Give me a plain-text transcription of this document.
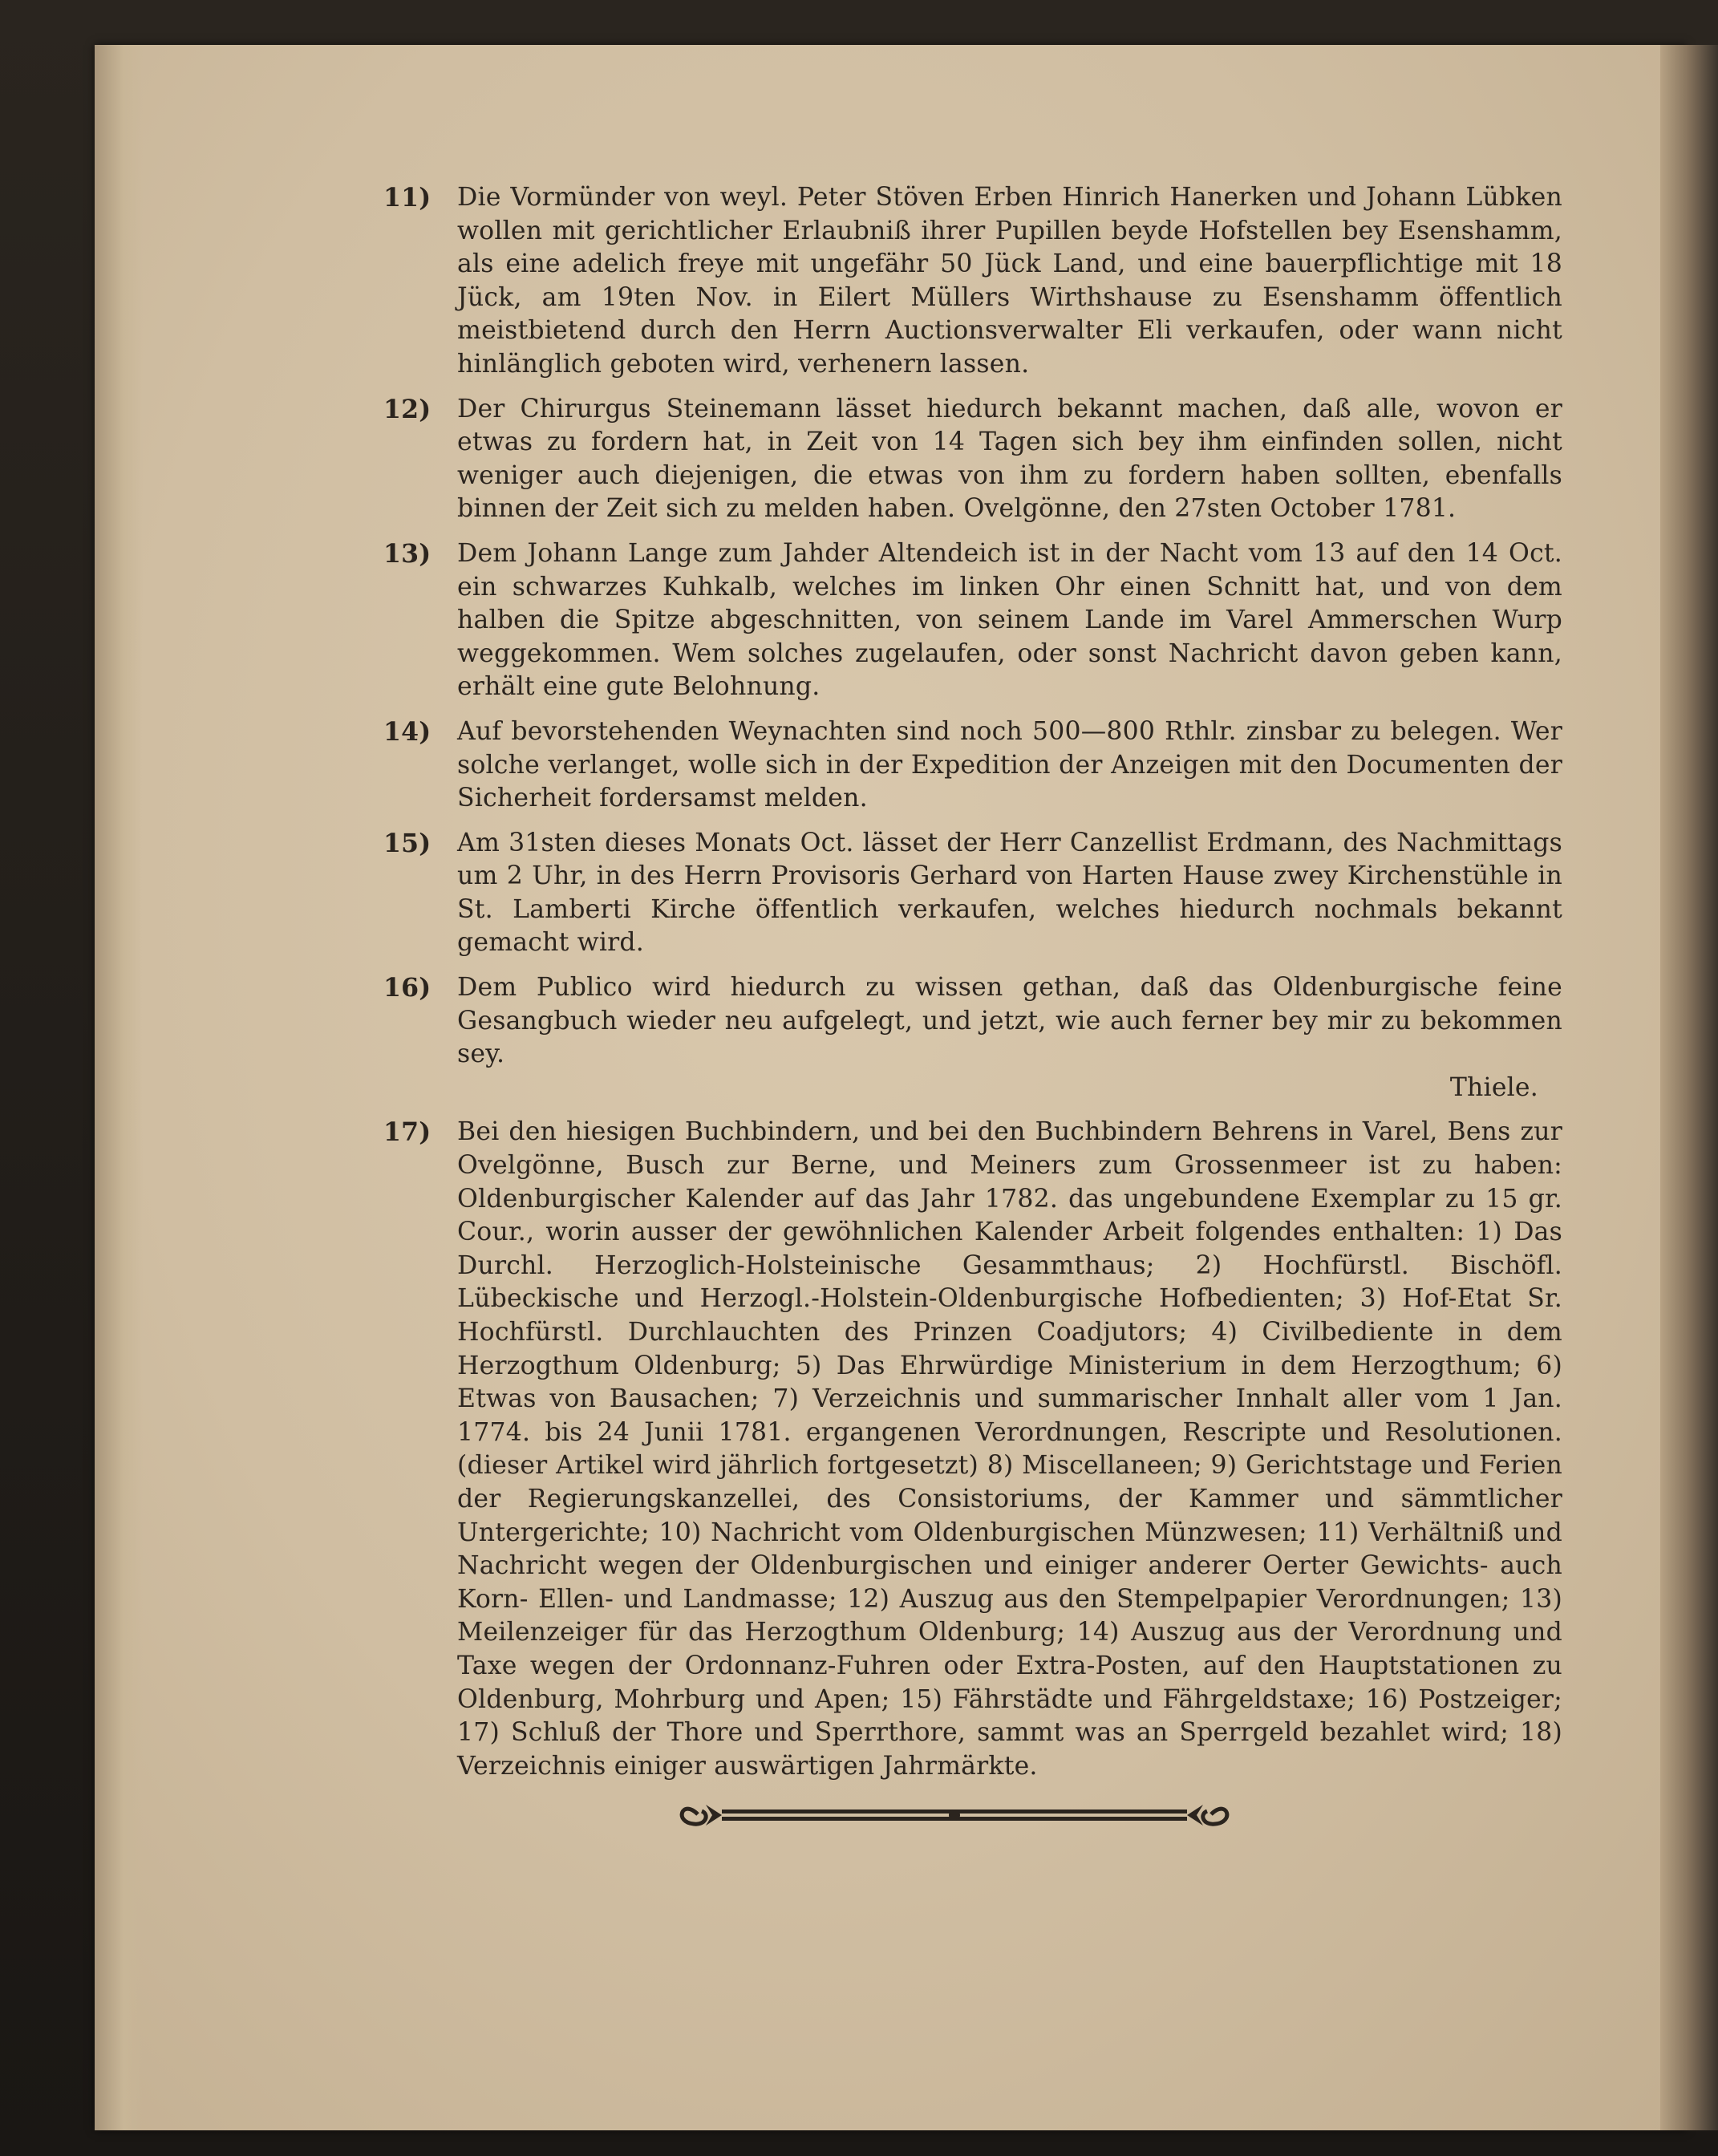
11)	Die Vormünder von weyl. Peter Stöven Erben Hinrich Hanerken und Johann Lübken wollen mit gerichtlicher Erlaubniß ihrer Pupillen beyde Hofstellen bey Esenshamm, als eine adelich freye mit ungefähr 50 Jück Land, und eine bauerpflichtige mit 18 Jück, am 19ten Nov. in Eilert Müllers Wirthshause zu Esenshamm öffentlich meistbietend durch den Herrn Auctionsverwalter Eli verkaufen, oder wann nicht hinlänglich geboten wird, verhenern lassen.
12)	Der Chirurgus Steinemann lässet hiedurch bekannt machen, daß alle, wovon er etwas zu fordern hat, in Zeit von 14 Tagen sich bey ihm einfinden sollen, nicht weniger auch diejenigen, die etwas von ihm zu fordern haben sollten, ebenfalls binnen der Zeit sich zu melden haben. Ovelgönne, den 27sten October 1781.
13)	Dem Johann Lange zum Jahder Altendeich ist in der Nacht vom 13 auf den 14 Oct. ein schwarzes Kuhkalb, welches im linken Ohr einen Schnitt hat, und von dem halben die Spitze abgeschnitten, von seinem Lande im Varel Ammerschen Wurp weggekommen. Wem solches zugelaufen, oder sonst Nachricht davon geben kann, erhält eine gute Belohnung.
14)	Auf bevorstehenden Weynachten sind noch 500—800 Rthlr. zinsbar zu belegen. Wer solche verlanget, wolle sich in der Expedition der Anzeigen mit den Documenten der Sicherheit fordersamst melden.
15)	Am 31sten dieses Monats Oct. lässet der Herr Canzellist Erdmann, des Nachmittags um 2 Uhr, in des Herrn Provisoris Gerhard von Harten Hause zwey Kirchenstühle in St. Lamberti Kirche öffentlich verkaufen, welches hiedurch nochmals bekannt gemacht wird.
16)	Dem Publico wird hiedurch zu wissen gethan, daß das Oldenburgische feine Gesangbuch wieder neu aufgelegt, und jetzt, wie auch ferner bey mir zu bekommen sey.
Thiele.
17)	Bei den hiesigen Buchbindern, und bei den Buchbindern Behrens in Varel, Bens zur Ovelgönne, Busch zur Berne, und Meiners zum Grossenmeer ist zu haben: Oldenburgischer Kalender auf das Jahr 1782. das ungebundene Exemplar zu 15 gr. Cour., worin ausser der gewöhnlichen Kalender Arbeit folgendes enthalten: 1) Das Durchl. Herzoglich-Holsteinische Gesammthaus; 2) Hochfürstl. Bischöfl. Lübeckische und Herzogl.-Holstein-Oldenburgische Hofbedienten; 3) Hof-Etat Sr. Hochfürstl. Durchlauchten des Prinzen Coadjutors; 4) Civilbediente in dem Herzogthum Oldenburg; 5) Das Ehrwürdige Ministerium in dem Herzogthum; 6) Etwas von Bausachen; 7) Verzeichnis und summarischer Innhalt aller vom 1 Jan. 1774. bis 24 Junii 1781. ergangenen Verordnungen, Rescripte und Resolutionen. (dieser Artikel wird jährlich fortgesetzt) 8) Miscellaneen; 9) Gerichtstage und Ferien der Regierungskanzellei, des Consistoriums, der Kammer und sämmtlicher Untergerichte; 10) Nachricht vom Oldenburgischen Münzwesen; 11) Verhältniß und Nachricht wegen der Oldenburgischen und einiger anderer Oerter Gewichts- auch Korn- Ellen- und Landmasse; 12) Auszug aus den Stempelpapier Verordnungen; 13) Meilenzeiger für das Herzogthum Oldenburg; 14) Auszug aus der Verordnung und Taxe wegen der Ordonnanz-Fuhren oder Extra-Posten, auf den Hauptstationen zu Oldenburg, Mohrburg und Apen; 15) Fährstädte und Fährgeldstaxe; 16) Postzeiger; 17) Schluß der Thore und Sperrthore, sammt was an Sperrgeld bezahlet wird; 18) Verzeichnis einiger auswärtigen Jahrmärkte.
